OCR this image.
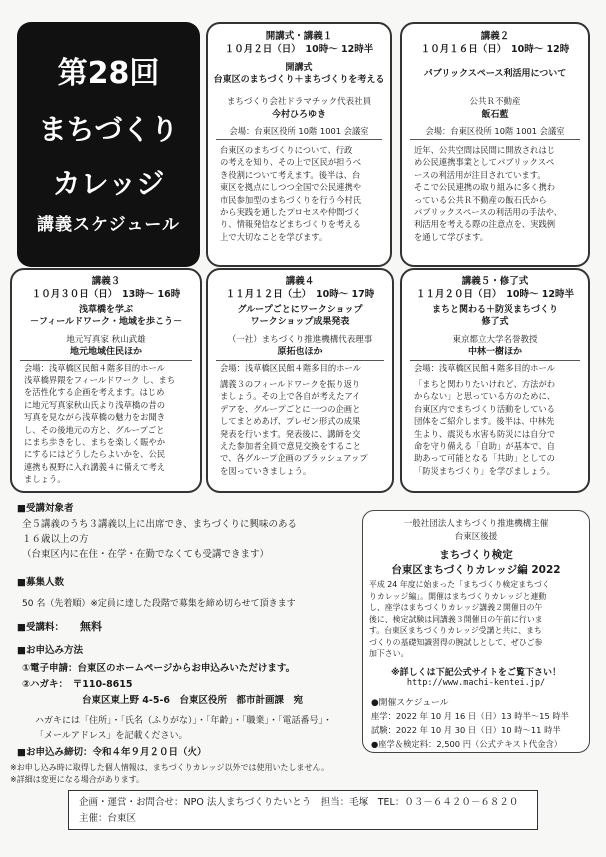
第28回
まちづくり
カレッジ
講義スケジュール
開講式・講義１
１０月２日（日）　10時～ 12時半
開講式
台東区のまちづくり＋まちづくりを考える
まちづくり会社ドラマチック代表社員
今村ひろゆき
会場：台東区役所 10階 1001 会議室
台東区のまちづくりについて、行政
の考えを知り、その上で区民が担うべ
き役割について考えます。後半は、台
東区を拠点にしつつ全国で公民連携や
市民参加型のまちづくりを行う今村氏
から実践を通したプロセスや仲間づく
り、情報発信などまちづくりを考える
上で大切なことを学びます。
講義２
１０月１６日（日）　10時～ 12時
パブリックスペース利活用について
公共Ｒ不動産
飯石藍
会場：台東区役所 10階 1001 会議室
近年、公共空間は民間に開放されはじ
め公民連携事業としてパブリックスペ
ースの利活用が注目されています。
そこで公民連携の取り組みに多く携わ
っている公共Ｒ不動産の飯石氏から
パブリックスペースの利活用の手法や、
利活用を考える際の注意点を、実践例
を通して学びます。
講義３
１０月３０日（日）　13時～ 16時
浅草橋を学ぶ
－フィールドワーク・地域を歩こう－
地元写真家 秋山武雄
地元地域住民ほか
会場：浅草橋区民館４階多目的ホール
浅草橋界隈をフィールドワーク し、まち
を活性化する企画を考えます。はじめ
に地元写真家秋山氏より浅草橋の昔の
写真を見ながら浅草橋の魅力をお聞き
し、その後地元の方と、グループごと
にまち歩きをし、まちを楽しく賑やか
にするにはどうしたらよいかを、公民
連携も視野に入れ講義４に備えて考え
ましょう。
講義４
１１月１２日（土）　10時～ 17時
グループごとにワークショップ
ワークショップ成果発表
（一社）まちづくり推進機構代表理事
原拓也ほか
会場：浅草橋区民館４階多目的ホール
講義３のフィールドワークを振り返り
ましょう。その上で各自が考えたアイ
デアを、グループごとに一つの企画と
してまとめあげ、プレゼン形式の成果
発表を行います。発表後に、講師を交
えた参加者全員で意見交換をすること
で、各グループ企画のブラッシュアップ
を図っていきましょう。
講義５・修了式
１１月２０日（日）　10時～ 12時半
まちと関わる＋防災まちづくり
修了式
東京都立大学名誉教授
中林一樹ほか
会場：浅草橋区民館４階多目的ホール
「まちと関わりたいけれど、方法がわ
からない」と思っている方のために、
台東区内でまちづくり活動をしている
団体をご紹介します。後半は、中林先
生より、震災も水害も防災には自分で
命を守り備える「自助」が基本で、自
助あって可能となる「共助」としての
「防災まちづくり」を学びましょう。
■受講対象者
全５講義のうち３講義以上に出席でき、まちづくりに興味のある
１６歳以上の方
（台東区内に在住・在学・在勤でなくても受講できます）
■募集人数
50 名（先着順）※定員に達した段階で募集を締め切らせて頂きます
■受講料： 無料
■お申込み方法
①電子申請：台東区のホームページからお申込みいただけます。
②ハガキ：　〒110-8615
台東区東上野 4-5-6　台東区役所　都市計画課　宛
ハガキには「住所」・「氏名（ふりがな）」・「年齢」・「職業」・「電話番号」・
「メールアドレス」を記載ください。
■お申込み締切：令和４年９月２０日（火）
※お申し込み時に取得した個人情報は、まちづくりカレッジ以外では使用いたしません。
※詳細は変更になる場合があります。
一般社団法人まちづくり推進機構主催
台東区後援
まちづくり検定
台東区まちづくりカレッジ編 2022
平成 24 年度に始まった「まちづくり検定まちづく
りカレッジ編」。開催はまちづくりカレッジと連動
し、座学はまちづくりカレッジ講義２開催日の午
後に、検定試験は同講義３開催日の午前に行いま
す。台東区まちづくりカレッジ受講と共に、まち
づくりの基礎知識習得の腕試しとして、ぜひご参
加下さい。
※詳しくは下記公式サイトをご覧下さい！
http://www.machi-kentei.jp/
●開催スケジュール
座学：2022 年 10 月 16 日（日）13 時半～15 時半
試験：2022 年 10 月 30 日（日）10 時～11 時半
●座学＆検定料：2,500 円（公式テキスト代金含）
企画・運営・お問合せ：NPO 法人まちづくりたいとう　担当：毛塚　TEL：０３－６４２０－６８２０
主催：台東区
